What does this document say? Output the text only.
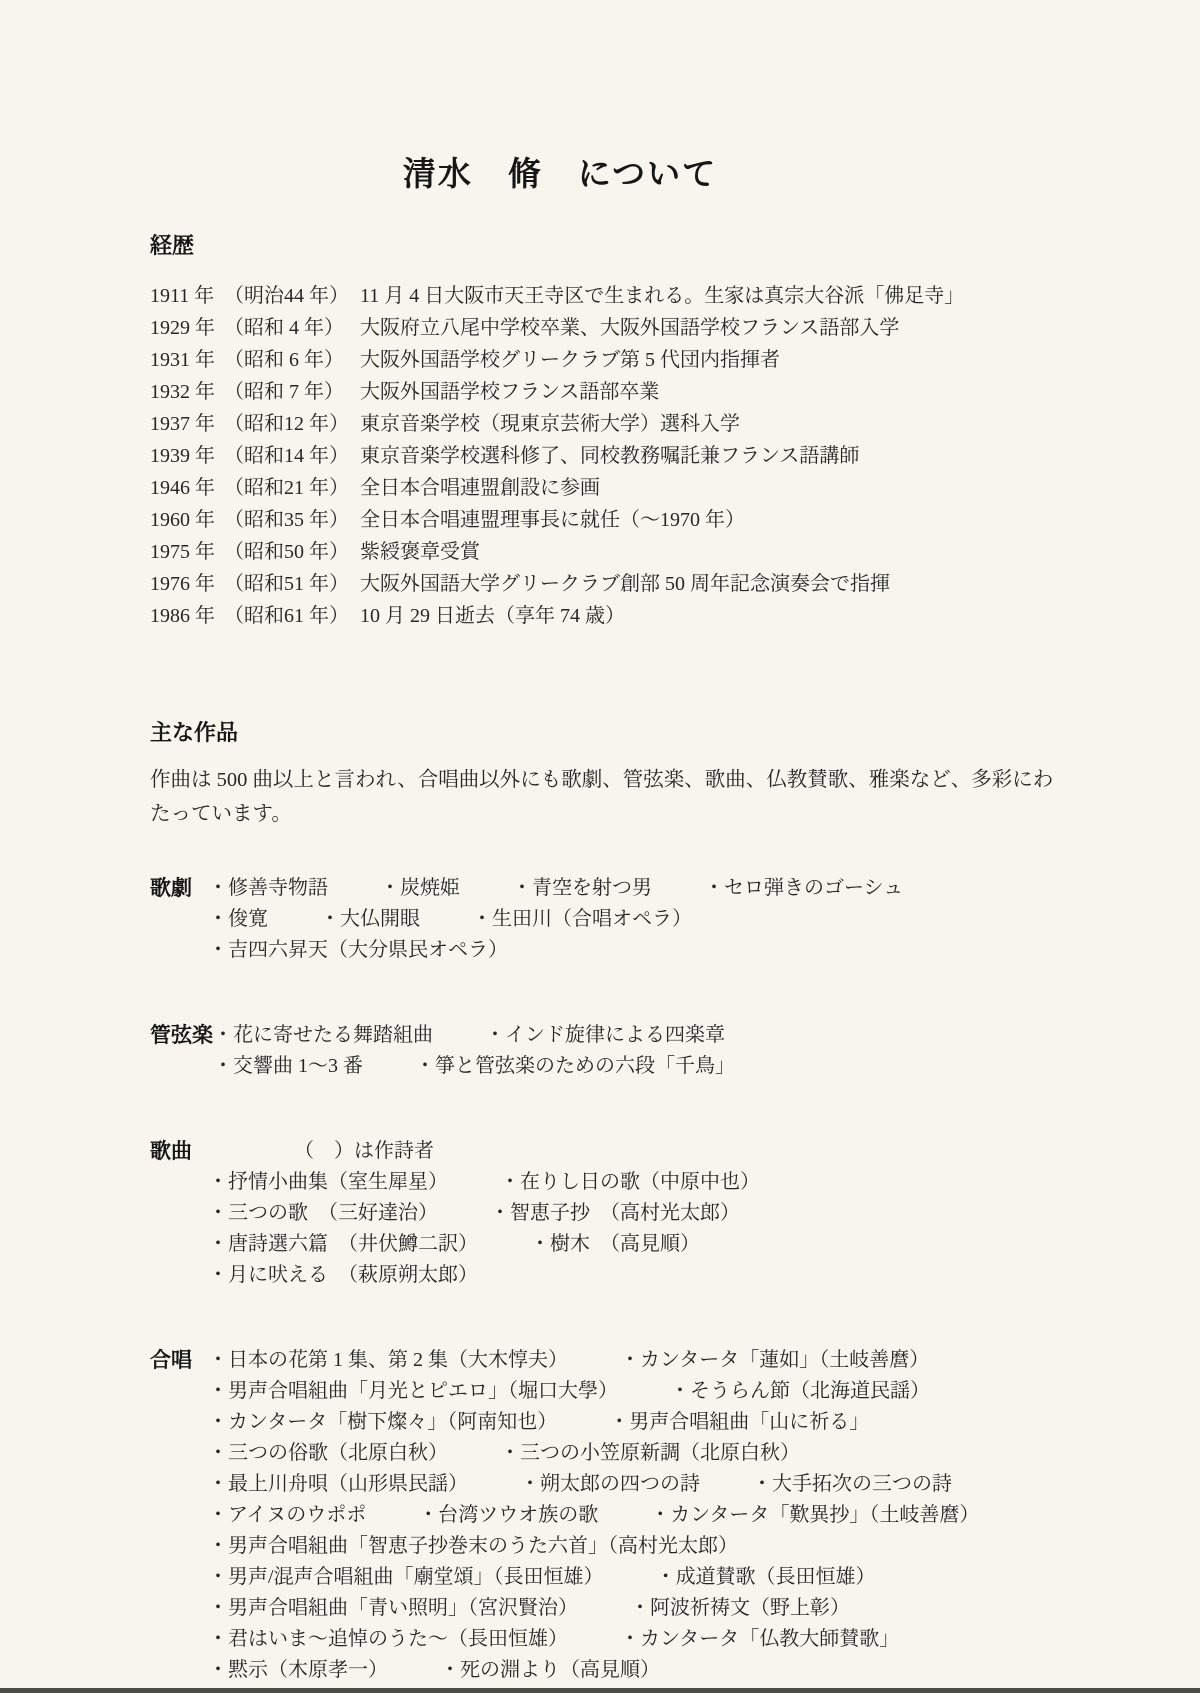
清水　脩　について
経歴
1911 年 （明治44 年） 11 月 4 日大阪市天王寺区で生まれる。生家は真宗大谷派「佛足寺」
1929 年 （昭和 4 年） 大阪府立八尾中学校卒業、大阪外国語学校フランス語部入学
1931 年 （昭和 6 年） 大阪外国語学校グリークラブ第 5 代団内指揮者
1932 年 （昭和 7 年） 大阪外国語学校フランス語部卒業
1937 年 （昭和12 年） 東京音楽学校（現東京芸術大学）選科入学
1939 年 （昭和14 年） 東京音楽学校選科修了、同校教務嘱託兼フランス語講師
1946 年 （昭和21 年） 全日本合唱連盟創設に参画
1960 年 （昭和35 年） 全日本合唱連盟理事長に就任（～1970 年）
1975 年 （昭和50 年） 紫綬褒章受賞
1976 年 （昭和51 年） 大阪外国語大学グリークラブ創部 50 周年記念演奏会で指揮
1986 年 （昭和61 年） 10 月 29 日逝去（享年 74 歳）
主な作品

作曲は 500 曲以上と言われ、合唱曲以外にも歌劇、管弦楽、歌曲、仏教賛歌、雅楽など、多彩にわたっています。

歌劇 ・ 修善寺物語	・ 炭焼姫	・ 青空を射つ男	・ セロ弾きのゴーシュ
・ 俊寛	・ 大仏開眼	・ 生田川（合唱オペラ）
・ 吉四六昇天（大分県民オペラ）
管弦楽 ・ 花に寄せたる舞踏組曲	・ インド旋律による四楽章
・ 交響曲 1～3 番	・ 箏と管弦楽のための六段「千鳥」
歌曲	（　）は作詩者
・ 抒情小曲集（室生犀星）	・ 在りし日の歌（中原中也）
・ 三つの歌　（三好達治）	・ 智恵子抄　（高村光太郎）
・ 唐詩選六篇　（井伏鱒二訳）	・ 樹木　（高見順）
・ 月に吠える　（萩原朔太郎）
合唱 ・ 日本の花第 1 集、第 2 集（大木惇夫）	・ カンタータ「蓮如」（土岐善麿）
・ 男声合唱組曲「月光とピエロ」（堀口大學）	・ そうらん節（北海道民謡）
・ カンタータ「樹下燦々」（阿南知也）	・ 男声合唱組曲「山に祈る」
・ 三つの俗歌（北原白秋）	・ 三つの小笠原新調（北原白秋）
・ 最上川舟唄（山形県民謡）	・ 朔太郎の四つの詩	・ 大手拓次の三つの詩
・ アイヌのウポポ	・ 台湾ツウオ族の歌	・ カンタータ「歎異抄」（土岐善麿）
・ 男声合唱組曲「智恵子抄巻末のうた六首」（高村光太郎）
・ 男声/混声合唱組曲「廟堂頌」（長田恒雄）	・ 成道賛歌（長田恒雄）
・ 男声合唱組曲「青い照明」（宮沢賢治）	・ 阿波祈祷文（野上彰）
・ 君はいま～追悼のうた～（長田恒雄）	・ カンタータ「仏教大師賛歌」
・ 黙示（木原孝一）	・ 死の淵より（高見順）
